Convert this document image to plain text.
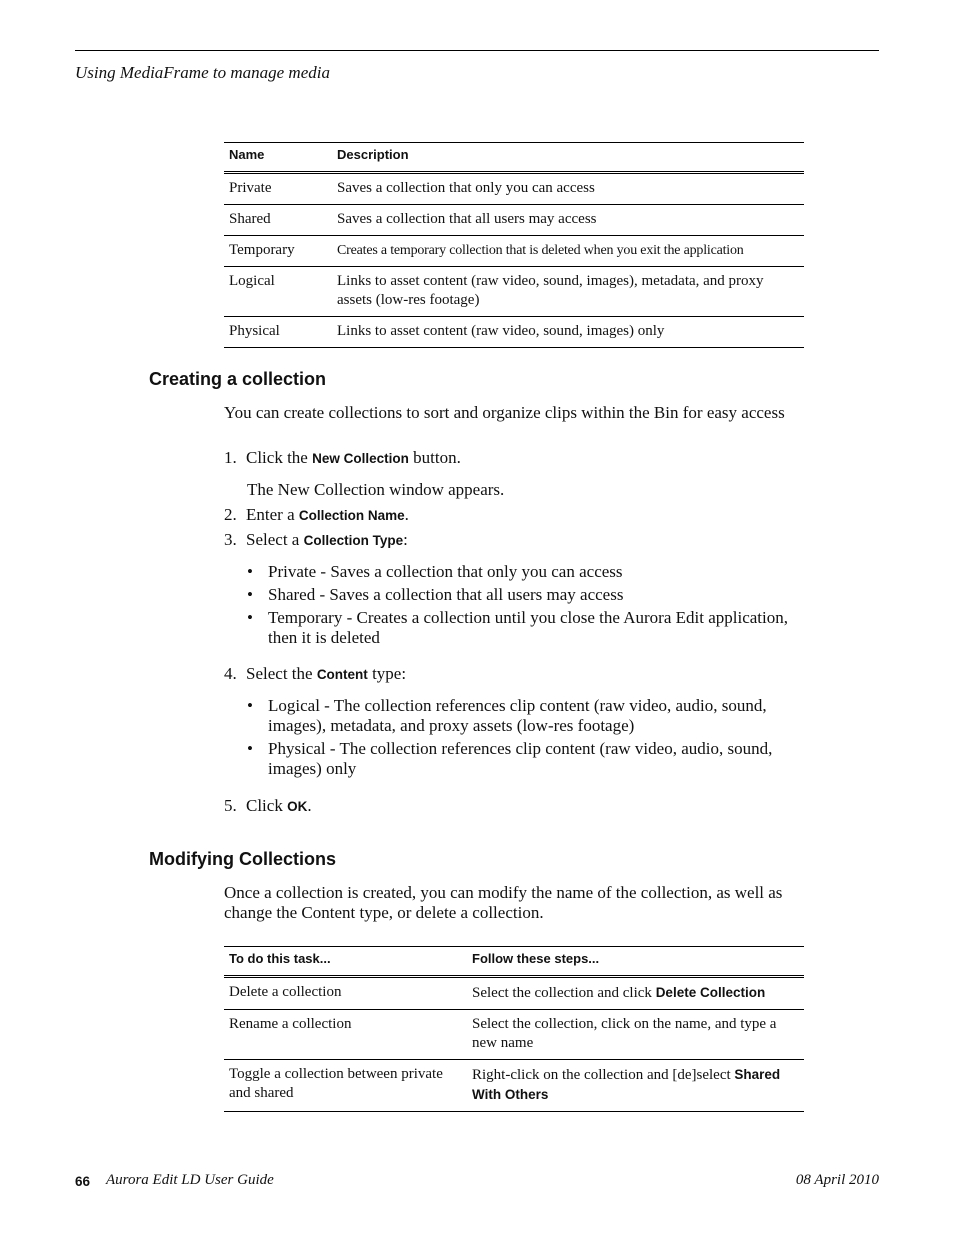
Using MediaFrame to manage media
Name	Description
Private	Saves a collection that only you can access
Shared	Saves a collection that all users may access
Temporary	Creates a temporary collection that is deleted when you exit the application
Logical	Links to asset content (raw video, sound, images), metadata, and proxy assets (low-res footage)
Physical	Links to asset content (raw video, sound, images) only
Creating a collection
You can create collections to sort and organize clips within the Bin for easy access
1. Click the New Collection button.
The New Collection window appears.
2. Enter a Collection Name.
3. Select a Collection Type:
• Private - Saves a collection that only you can access
• Shared - Saves a collection that all users may access
• Temporary - Creates a collection until you close the Aurora Edit application, then it is deleted
4. Select the Content type:
• Logical - The collection references clip content (raw video, audio, sound, images), metadata, and proxy assets (low-res footage)
• Physical - The collection references clip content (raw video, audio, sound, images) only
5. Click OK.
Modifying Collections
Once a collection is created, you can modify the name of the collection, as well as change the Content type, or delete a collection.
To do this task...	Follow these steps...
Delete a collection	Select the collection and click Delete Collection
Rename a collection	Select the collection, click on the name, and type a new name
Toggle a collection between private and shared	Right-click on the collection and [de]select Shared With Others
66 Aurora Edit LD User Guide	08 April 2010
